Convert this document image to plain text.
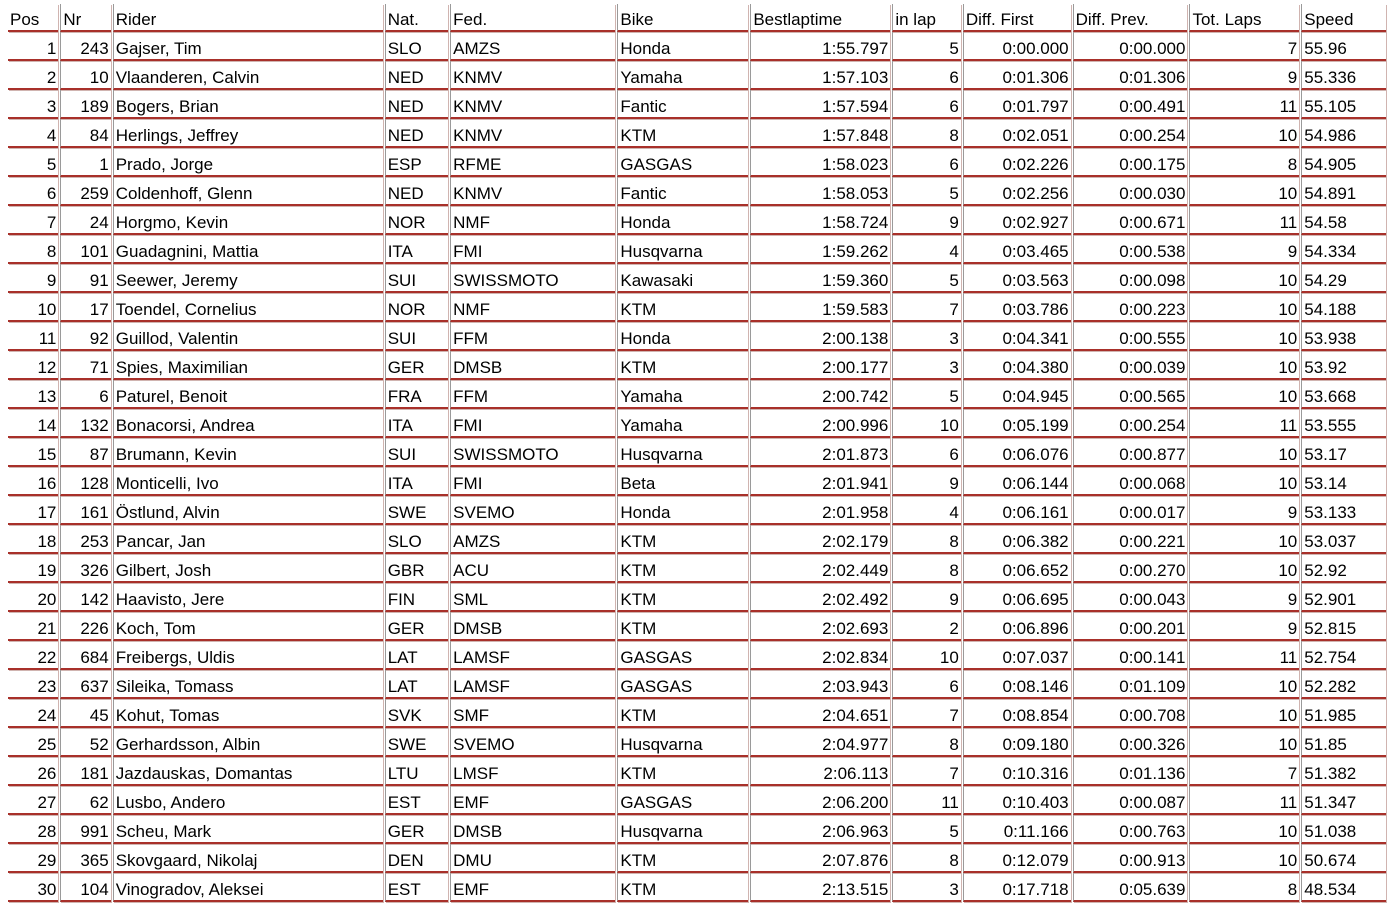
Pos	Nr	Rider	Nat.	Fed.	Bike	Bestlaptime	in lap	Diff. First	Diff. Prev.	Tot. Laps	Speed
1	243	Gajser, Tim	SLO	AMZS	Honda	1:55.797	5	0:00.000	0:00.000	7	55.96
2	10	Vlaanderen, Calvin	NED	KNMV	Yamaha	1:57.103	6	0:01.306	0:01.306	9	55.336
3	189	Bogers, Brian	NED	KNMV	Fantic	1:57.594	6	0:01.797	0:00.491	11	55.105
4	84	Herlings, Jeffrey	NED	KNMV	KTM	1:57.848	8	0:02.051	0:00.254	10	54.986
5	1	Prado, Jorge	ESP	RFME	GASGAS	1:58.023	6	0:02.226	0:00.175	8	54.905
6	259	Coldenhoff, Glenn	NED	KNMV	Fantic	1:58.053	5	0:02.256	0:00.030	10	54.891
7	24	Horgmo, Kevin	NOR	NMF	Honda	1:58.724	9	0:02.927	0:00.671	11	54.58
8	101	Guadagnini, Mattia	ITA	FMI	Husqvarna	1:59.262	4	0:03.465	0:00.538	9	54.334
9	91	Seewer, Jeremy	SUI	SWISSMOTO	Kawasaki	1:59.360	5	0:03.563	0:00.098	10	54.29
10	17	Toendel, Cornelius	NOR	NMF	KTM	1:59.583	7	0:03.786	0:00.223	10	54.188
11	92	Guillod, Valentin	SUI	FFM	Honda	2:00.138	3	0:04.341	0:00.555	10	53.938
12	71	Spies, Maximilian	GER	DMSB	KTM	2:00.177	3	0:04.380	0:00.039	10	53.92
13	6	Paturel, Benoit	FRA	FFM	Yamaha	2:00.742	5	0:04.945	0:00.565	10	53.668
14	132	Bonacorsi, Andrea	ITA	FMI	Yamaha	2:00.996	10	0:05.199	0:00.254	11	53.555
15	87	Brumann, Kevin	SUI	SWISSMOTO	Husqvarna	2:01.873	6	0:06.076	0:00.877	10	53.17
16	128	Monticelli, Ivo	ITA	FMI	Beta	2:01.941	9	0:06.144	0:00.068	10	53.14
17	161	Östlund, Alvin	SWE	SVEMO	Honda	2:01.958	4	0:06.161	0:00.017	9	53.133
18	253	Pancar, Jan	SLO	AMZS	KTM	2:02.179	8	0:06.382	0:00.221	10	53.037
19	326	Gilbert, Josh	GBR	ACU	KTM	2:02.449	8	0:06.652	0:00.270	10	52.92
20	142	Haavisto, Jere	FIN	SML	KTM	2:02.492	9	0:06.695	0:00.043	9	52.901
21	226	Koch, Tom	GER	DMSB	KTM	2:02.693	2	0:06.896	0:00.201	9	52.815
22	684	Freibergs, Uldis	LAT	LAMSF	GASGAS	2:02.834	10	0:07.037	0:00.141	11	52.754
23	637	Sileika, Tomass	LAT	LAMSF	GASGAS	2:03.943	6	0:08.146	0:01.109	10	52.282
24	45	Kohut, Tomas	SVK	SMF	KTM	2:04.651	7	0:08.854	0:00.708	10	51.985
25	52	Gerhardsson, Albin	SWE	SVEMO	Husqvarna	2:04.977	8	0:09.180	0:00.326	10	51.85
26	181	Jazdauskas, Domantas	LTU	LMSF	KTM	2:06.113	7	0:10.316	0:01.136	7	51.382
27	62	Lusbo, Andero	EST	EMF	GASGAS	2:06.200	11	0:10.403	0:00.087	11	51.347
28	991	Scheu, Mark	GER	DMSB	Husqvarna	2:06.963	5	0:11.166	0:00.763	10	51.038
29	365	Skovgaard, Nikolaj	DEN	DMU	KTM	2:07.876	8	0:12.079	0:00.913	10	50.674
30	104	Vinogradov, Aleksei	EST	EMF	KTM	2:13.515	3	0:17.718	0:05.639	8	48.534
